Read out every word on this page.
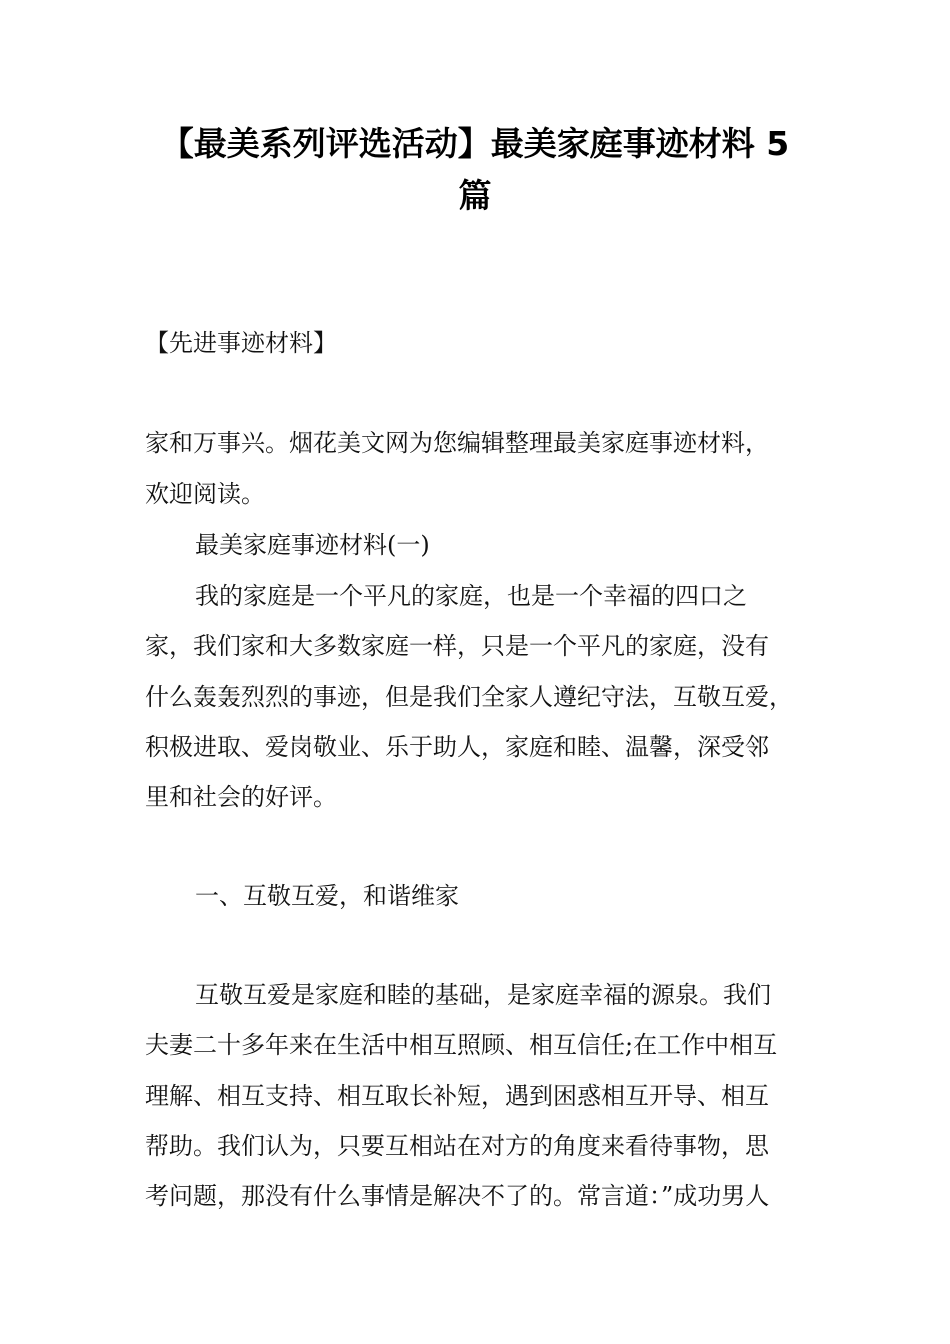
【最美系列评选活动】最美家庭事迹材料 5
篇

【先进事迹材料】

家和万事兴。烟花美文网为您编辑整理最美家庭事迹材料，

欢迎阅读。

最美家庭事迹材料(一)

我的家庭是一个平凡的家庭，也是一个幸福的四口之

家，我们家和大多数家庭一样，只是一个平凡的家庭，没有

什么轰轰烈烈的事迹，但是我们全家人遵纪守法，互敬互爱，

积极进取、爱岗敬业、乐于助人，家庭和睦、温馨，深受邻

里和社会的好评。

一、互敬互爱，和谐维家

互敬互爱是家庭和睦的基础，是家庭幸福的源泉。我们

夫妻二十多年来在生活中相互照顾、相互信任;在工作中相互

理解、相互支持、相互取长补短，遇到困惑相互开导、相互

帮助。我们认为，只要互相站在对方的角度来看待事物，思

考问题，那没有什么事情是解决不了的。常言道：”成功男人
